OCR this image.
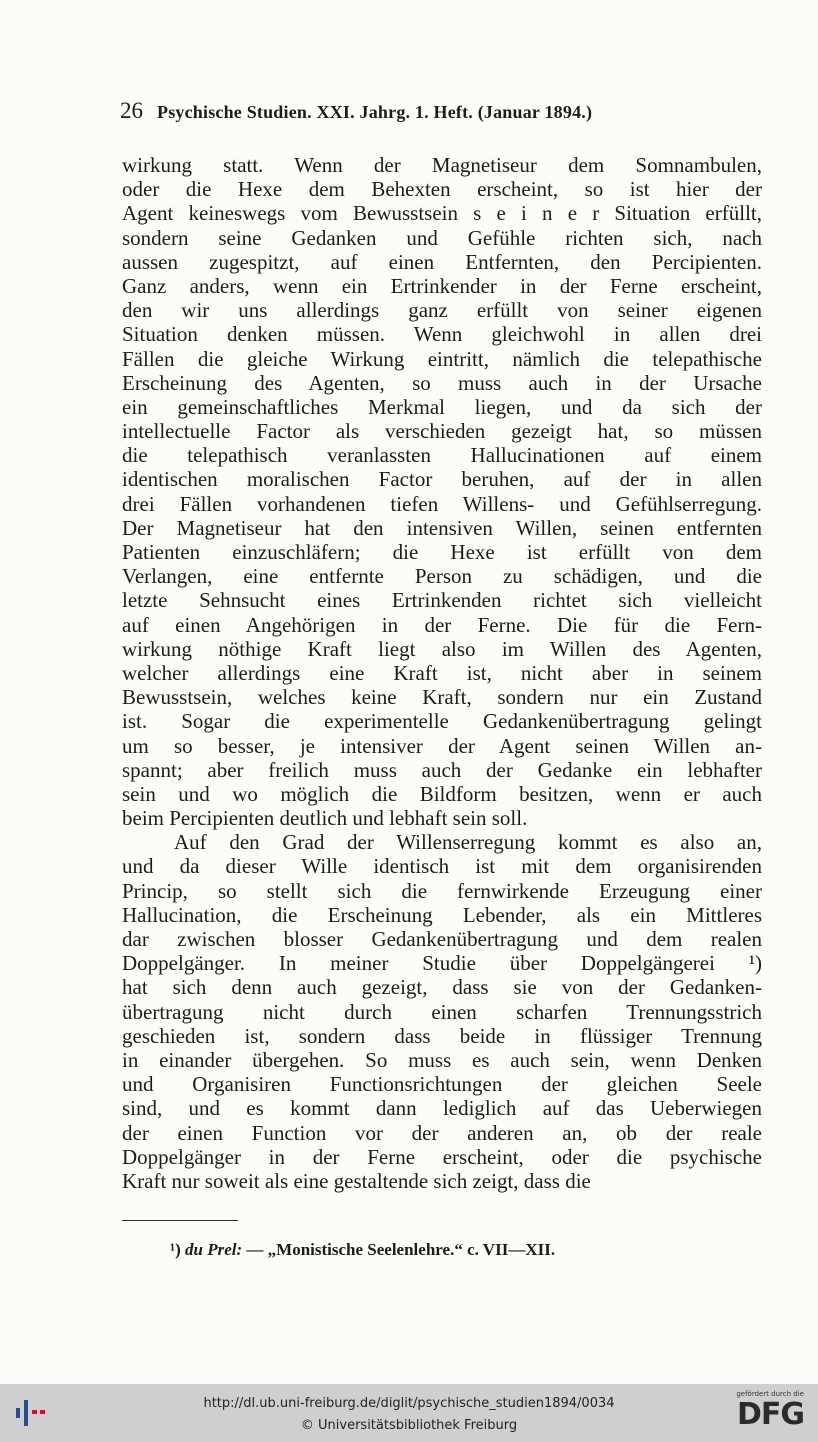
26 Psychische Studien. XXI. Jahrg. 1. Heft. (Januar 1894.)
wirkung statt. Wenn der Magnetiseur dem Somnambulen,
oder die Hexe dem Behexten erscheint, so ist hier der
Agent keineswegs vom Bewusstsein s e i n e r Situation erfüllt,
sondern seine Gedanken und Gefühle richten sich, nach
aussen zugespitzt, auf einen Entfernten, den Percipienten.
Ganz anders, wenn ein Ertrinkender in der Ferne erscheint,
den wir uns allerdings ganz erfüllt von seiner eigenen
Situation denken müssen. Wenn gleichwohl in allen drei
Fällen die gleiche Wirkung eintritt, nämlich die telepathische
Erscheinung des Agenten, so muss auch in der Ursache
ein gemeinschaftliches Merkmal liegen, und da sich der
intellectuelle Factor als verschieden gezeigt hat, so müssen
die telepathisch veranlassten Hallucinationen auf einem
identischen moralischen Factor beruhen, auf der in allen
drei Fällen vorhandenen tiefen Willens- und Gefühlserregung.
Der Magnetiseur hat den intensiven Willen, seinen entfernten
Patienten einzuschläfern; die Hexe ist erfüllt von dem
Verlangen, eine entfernte Person zu schädigen, und die
letzte Sehnsucht eines Ertrinkenden richtet sich vielleicht
auf einen Angehörigen in der Ferne. Die für die Fern-
wirkung nöthige Kraft liegt also im Willen des Agenten,
welcher allerdings eine Kraft ist, nicht aber in seinem
Bewusstsein, welches keine Kraft, sondern nur ein Zustand
ist. Sogar die experimentelle Gedankenübertragung gelingt
um so besser, je intensiver der Agent seinen Willen an-
spannt; aber freilich muss auch der Gedanke ein lebhafter
sein und wo möglich die Bildform besitzen, wenn er auch
beim Percipienten deutlich und lebhaft sein soll.
Auf den Grad der Willenserregung kommt es also an,
und da dieser Wille identisch ist mit dem organisirenden
Princip, so stellt sich die fernwirkende Erzeugung einer
Hallucination, die Erscheinung Lebender, als ein Mittleres
dar zwischen blosser Gedankenübertragung und dem realen
Doppelgänger. In meiner Studie über Doppelgängerei ¹)
hat sich denn auch gezeigt, dass sie von der Gedanken-
übertragung nicht durch einen scharfen Trennungsstrich
geschieden ist, sondern dass beide in flüssiger Trennung
in einander übergehen. So muss es auch sein, wenn Denken
und Organisiren Functionsrichtungen der gleichen Seele
sind, und es kommt dann lediglich auf das Ueberwiegen
der einen Function vor der anderen an, ob der reale
Doppelgänger in der Ferne erscheint, oder die psychische
Kraft nur soweit als eine gestaltende sich zeigt, dass die
¹) du Prel: — „Monistische Seelenlehre.“ c. VII—XII.
http://dl.ub.uni-freiburg.de/diglit/psychische_studien1894/0034
© Universitätsbibliothek Freiburg
gefördert durch die
DFG
